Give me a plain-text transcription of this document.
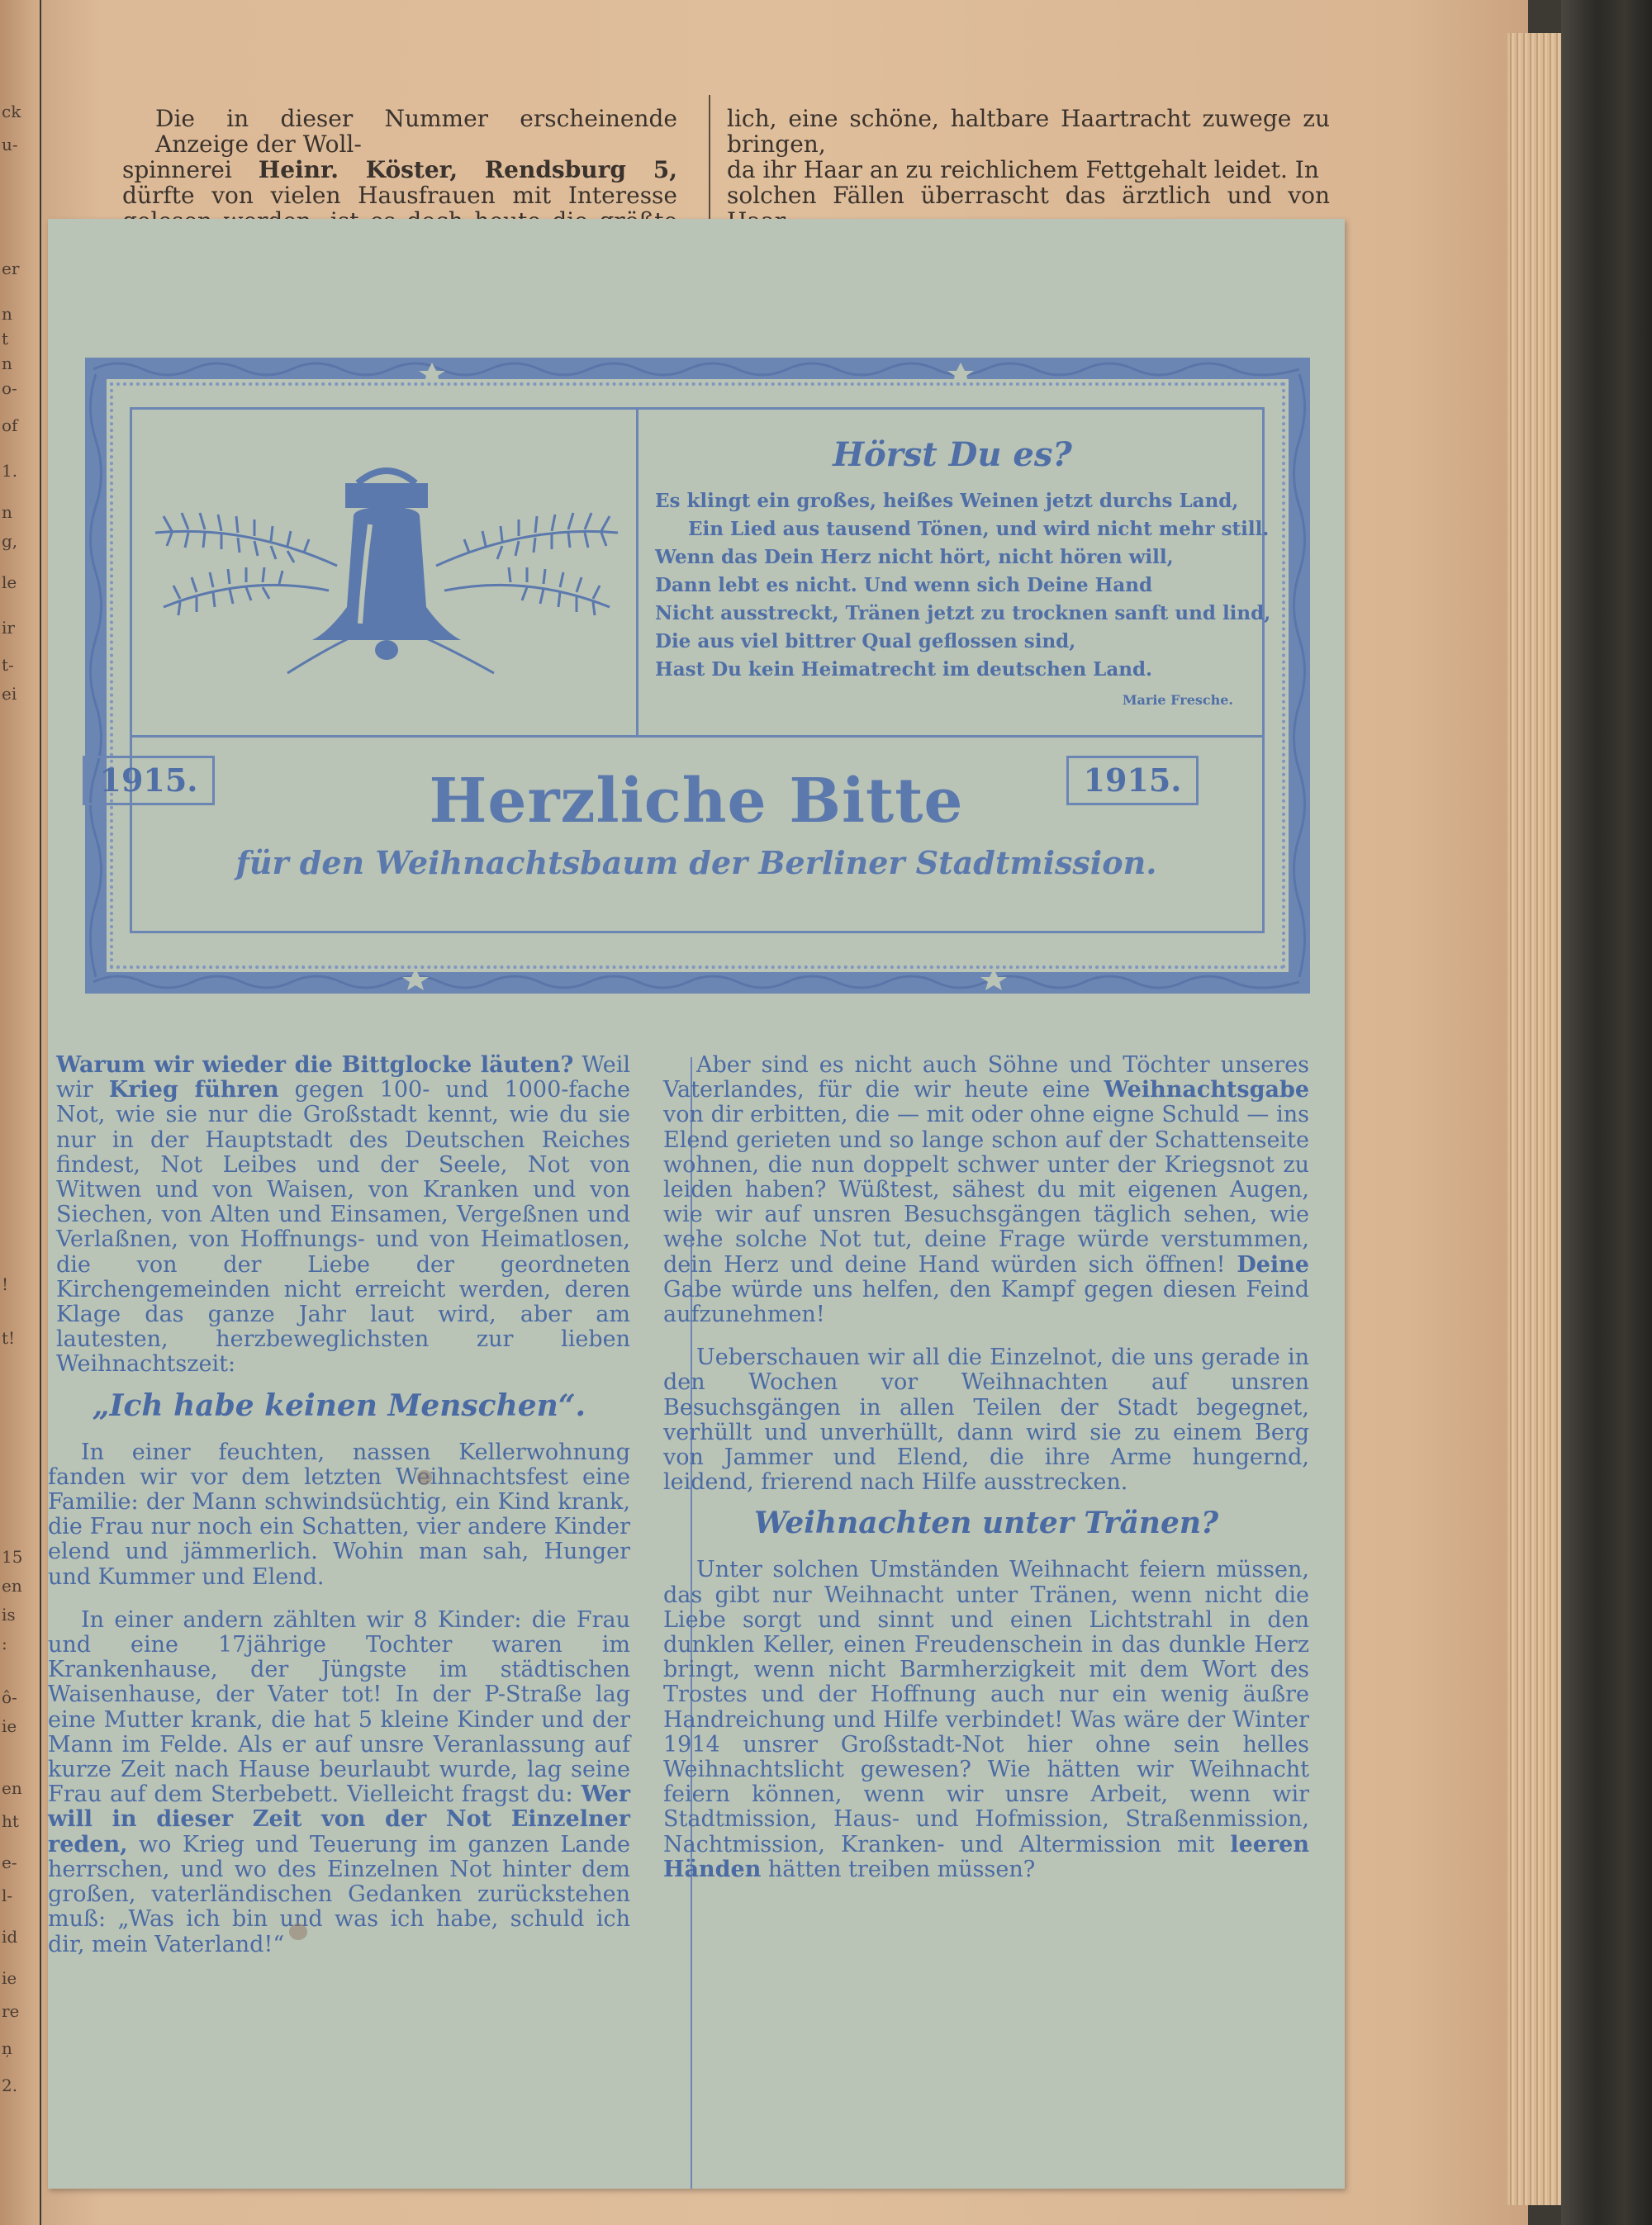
ck
u-
er
n
t
n
o-
of
1.
n
g,
le
ir
t-
ei
!
t!
15
en
is
:
ô-
ie
en
ht
e-
l-
id
ie
re
ņ
2.
Die in dieser Nummer erscheinende Anzeige der Woll-
spinnerei Heinr. Köster, Rendsburg 5, dürfte von vielen Hausfrauen mit Interesse
lich, eine schöne, haltbare Haartracht zuwege zu bringen,
da ihr Haar an zu reichlichem Fettgehalt leidet. In
solchen Fällen überrascht das ärztlich und von
Hörst Du es?
Es klingt ein großes, heißes Weinen jetzt durchs Land,
Ein Lied aus tausend Tönen, und wird nicht mehr still.
Wenn das Dein Herz nicht hört, nicht hören will,
Dann lebt es nicht. Und wenn sich Deine Hand
Nicht ausstreckt, Tränen jetzt zu trocknen sanft und lind,
Die aus viel bittrer Qual geflossen sind,
Hast Du kein Heimatrecht im deutschen Land.
Marie Fresche.
1915.	1915.
Herzliche Bitte
für den Weihnachtsbaum der Berliner Stadtmission.

Warum wir wieder die Bittglocke läuten? Weil wir Krieg führen gegen 100- und 1000-fache Not, wie sie nur die Großstadt kennt, wie du sie nur in der Hauptstadt des Deutschen Reiches findest, Not Leibes und der Seele, Not von Witwen und von Waisen, von Kranken und von Siechen, von Alten und Einsamen, Vergeßnen und Verlaßnen, von Hoffnungs- und von Heimatlosen, die von der Liebe der geordneten Kirchengemeinden nicht erreicht werden, deren Klage das ganze Jahr laut wird, aber am lautesten, herzbeweglichsten zur lieben Weihnachtszeit:

„Ich habe keinen Menschen“.

In einer feuchten, nassen Kellerwohnung fanden wir vor dem letzten Weihnachtsfest eine Familie: der Mann schwindsüchtig, ein Kind krank, die Frau nur noch ein Schatten, vier andere Kinder elend und jämmerlich. Wohin man sah, Hunger und Kummer und Elend.

In einer andern zählten wir 8 Kinder: die Frau und eine 17jährige Tochter waren im Krankenhause, der Jüngste im städtischen Waisenhause, der Vater tot! In der P-Straße lag eine Mutter krank, die hat 5 kleine Kinder und der Mann im Felde. Als er auf unsre Veranlassung auf kurze Zeit nach Hause beurlaubt wurde, lag seine Frau auf dem Sterbebett. Vielleicht fragst du: Wer will in dieser Zeit von der Not Einzelner reden, wo Krieg und Teuerung im ganzen Lande herrschen, und wo des Einzelnen Not hinter dem großen, vaterländischen Gedanken zurückstehen muß: „Was ich bin und was ich habe, schuld ich dir, mein Vaterland!“

Aber sind es nicht auch Söhne und Töchter unseres Vaterlandes, für die wir heute eine Weihnachtsgabe von dir erbitten, die — mit oder ohne eigne Schuld — ins Elend gerieten und so lange schon auf der Schattenseite wohnen, die nun doppelt schwer unter der Kriegsnot zu leiden haben? Wüßtest, sähest du mit eigenen Augen, wie wir auf unsren Besuchsgängen täglich sehen, wie wehe solche Not tut, deine Frage würde verstummen, dein Herz und deine Hand würden sich öffnen! Deine Gabe würde uns helfen, den Kampf gegen diesen Feind aufzunehmen!

Ueberschauen wir all die Einzelnot, die uns gerade in den Wochen vor Weihnachten auf unsren Besuchsgängen in allen Teilen der Stadt begegnet, verhüllt und unverhüllt, dann wird sie zu einem Berg von Jammer und Elend, die ihre Arme hungernd, leidend, frierend nach Hilfe ausstrecken.

Weihnachten unter Tränen?

Unter solchen Umständen Weihnacht feiern müssen, das gibt nur Weihnacht unter Tränen, wenn nicht die Liebe sorgt und sinnt und einen Lichtstrahl in den dunklen Keller, einen Freudenschein in das dunkle Herz bringt, wenn nicht Barmherzigkeit mit dem Wort des Trostes und der Hoffnung auch nur ein wenig äußre Handreichung und Hilfe verbindet! Was wäre der Winter 1914 unsrer Großstadt-Not hier ohne sein helles Weihnachtslicht gewesen? Wie hätten wir Weihnacht feiern können, wenn wir unsre Arbeit, wenn wir Stadtmission, Haus- und Hofmission, Straßenmission, Nachtmission, Kranken- und Altermission mit leeren Händen hätten treiben müssen?
